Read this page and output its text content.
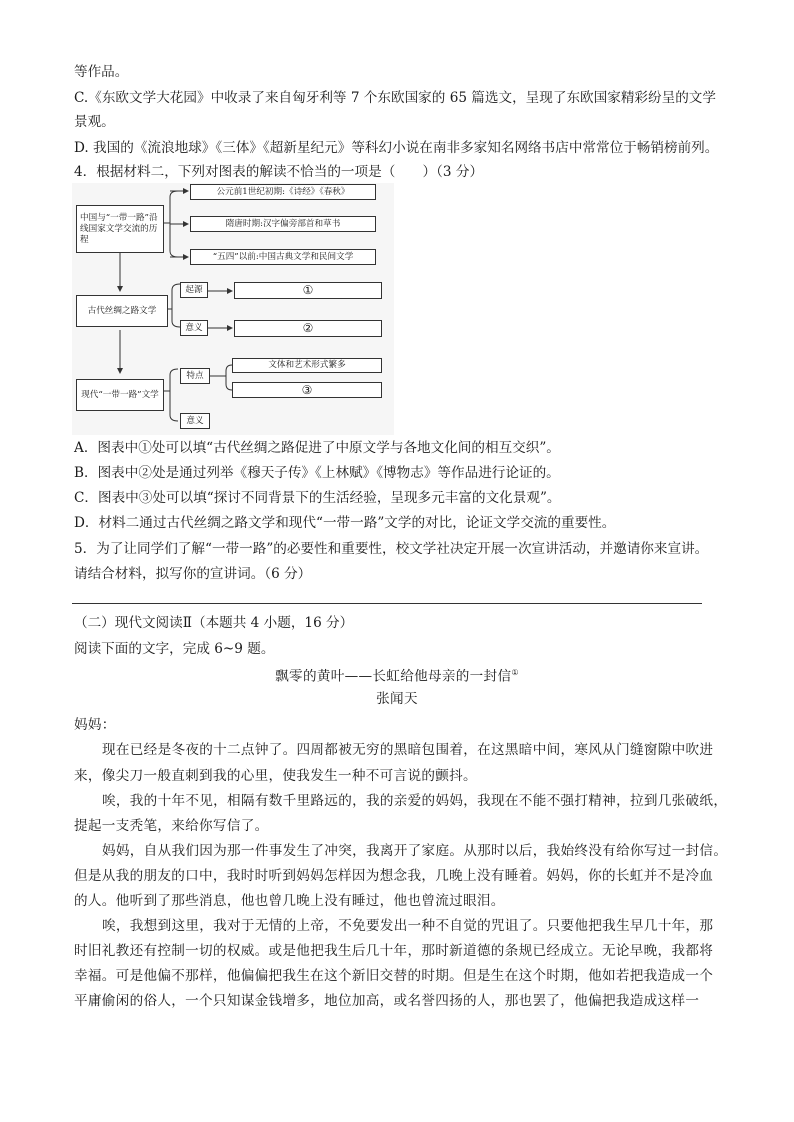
等作品。
C.《东欧文学大花园》中收录了来自匈牙利等 7 个东欧国家的 65 篇选文，呈现了东欧国家精彩纷呈的文学
景观。
D. 我国的《流浪地球》《三体》《超新星纪元》等科幻小说在南非多家知名网络书店中常常位于畅销榜前列。
4．根据材料二，下列对图表的解读不恰当的一项是（　　）（3 分）
中国与“一带一路”沿线国家文学交流的历程
古代丝绸之路文学
现代“一带一路”文学
公元前1世纪初期:《诗经》《春秋》
隋唐时期:汉字偏旁部首和草书
“五四”以前:中国古典文学和民间文学
起源
意义
①
②
特点
文体和艺术形式繁多
③
意义
A．图表中①处可以填“古代丝绸之路促进了中原文学与各地文化间的相互交织”。
B．图表中②处是通过列举《穆天子传》《上林赋》《博物志》等作品进行论证的。
C．图表中③处可以填“探讨不同背景下的生活经验，呈现多元丰富的文化景观”。
D．材料二通过古代丝绸之路文学和现代“一带一路”文学的对比，论证文学交流的重要性。
5．为了让同学们了解“一带一路”的必要性和重要性，校文学社决定开展一次宣讲活动，并邀请你来宣讲。
请结合材料，拟写你的宣讲词。（6 分）
（二）现代文阅读Ⅱ（本题共 4 小题，16 分）
阅读下面的文字，完成 6~9 题。
飘零的黄叶——长虹给他母亲的一封信①
张闻天
妈妈：
现在已经是冬夜的十二点钟了。四周都被无穷的黑暗包围着，在这黑暗中间，寒风从门缝窗隙中吹进
来，像尖刀一般直刺到我的心里，使我发生一种不可言说的颤抖。
唉，我的十年不见，相隔有数千里路远的，我的亲爱的妈妈，我现在不能不强打精神，拉到几张破纸，
提起一支秃笔，来给你写信了。
妈妈，自从我们因为那一件事发生了冲突，我离开了家庭。从那时以后，我始终没有给你写过一封信。
但是从我的朋友的口中，我时时听到妈妈怎样因为想念我，几晚上没有睡着。妈妈，你的长虹并不是冷血
的人。他听到了那些消息，他也曾几晚上没有睡过，他也曾流过眼泪。
唉，我想到这里，我对于无情的上帝，不免要发出一种不自觉的咒诅了。只要他把我生早几十年，那
时旧礼教还有控制一切的权威。或是他把我生后几十年，那时新道德的条规已经成立。无论早晚，我都将
幸福。可是他偏不那样，他偏偏把我生在这个新旧交替的时期。但是生在这个时期，他如若把我造成一个
平庸偷闲的俗人，一个只知谋金钱增多，地位加高，或名誉四扬的人，那也罢了，他偏把我造成这样一
